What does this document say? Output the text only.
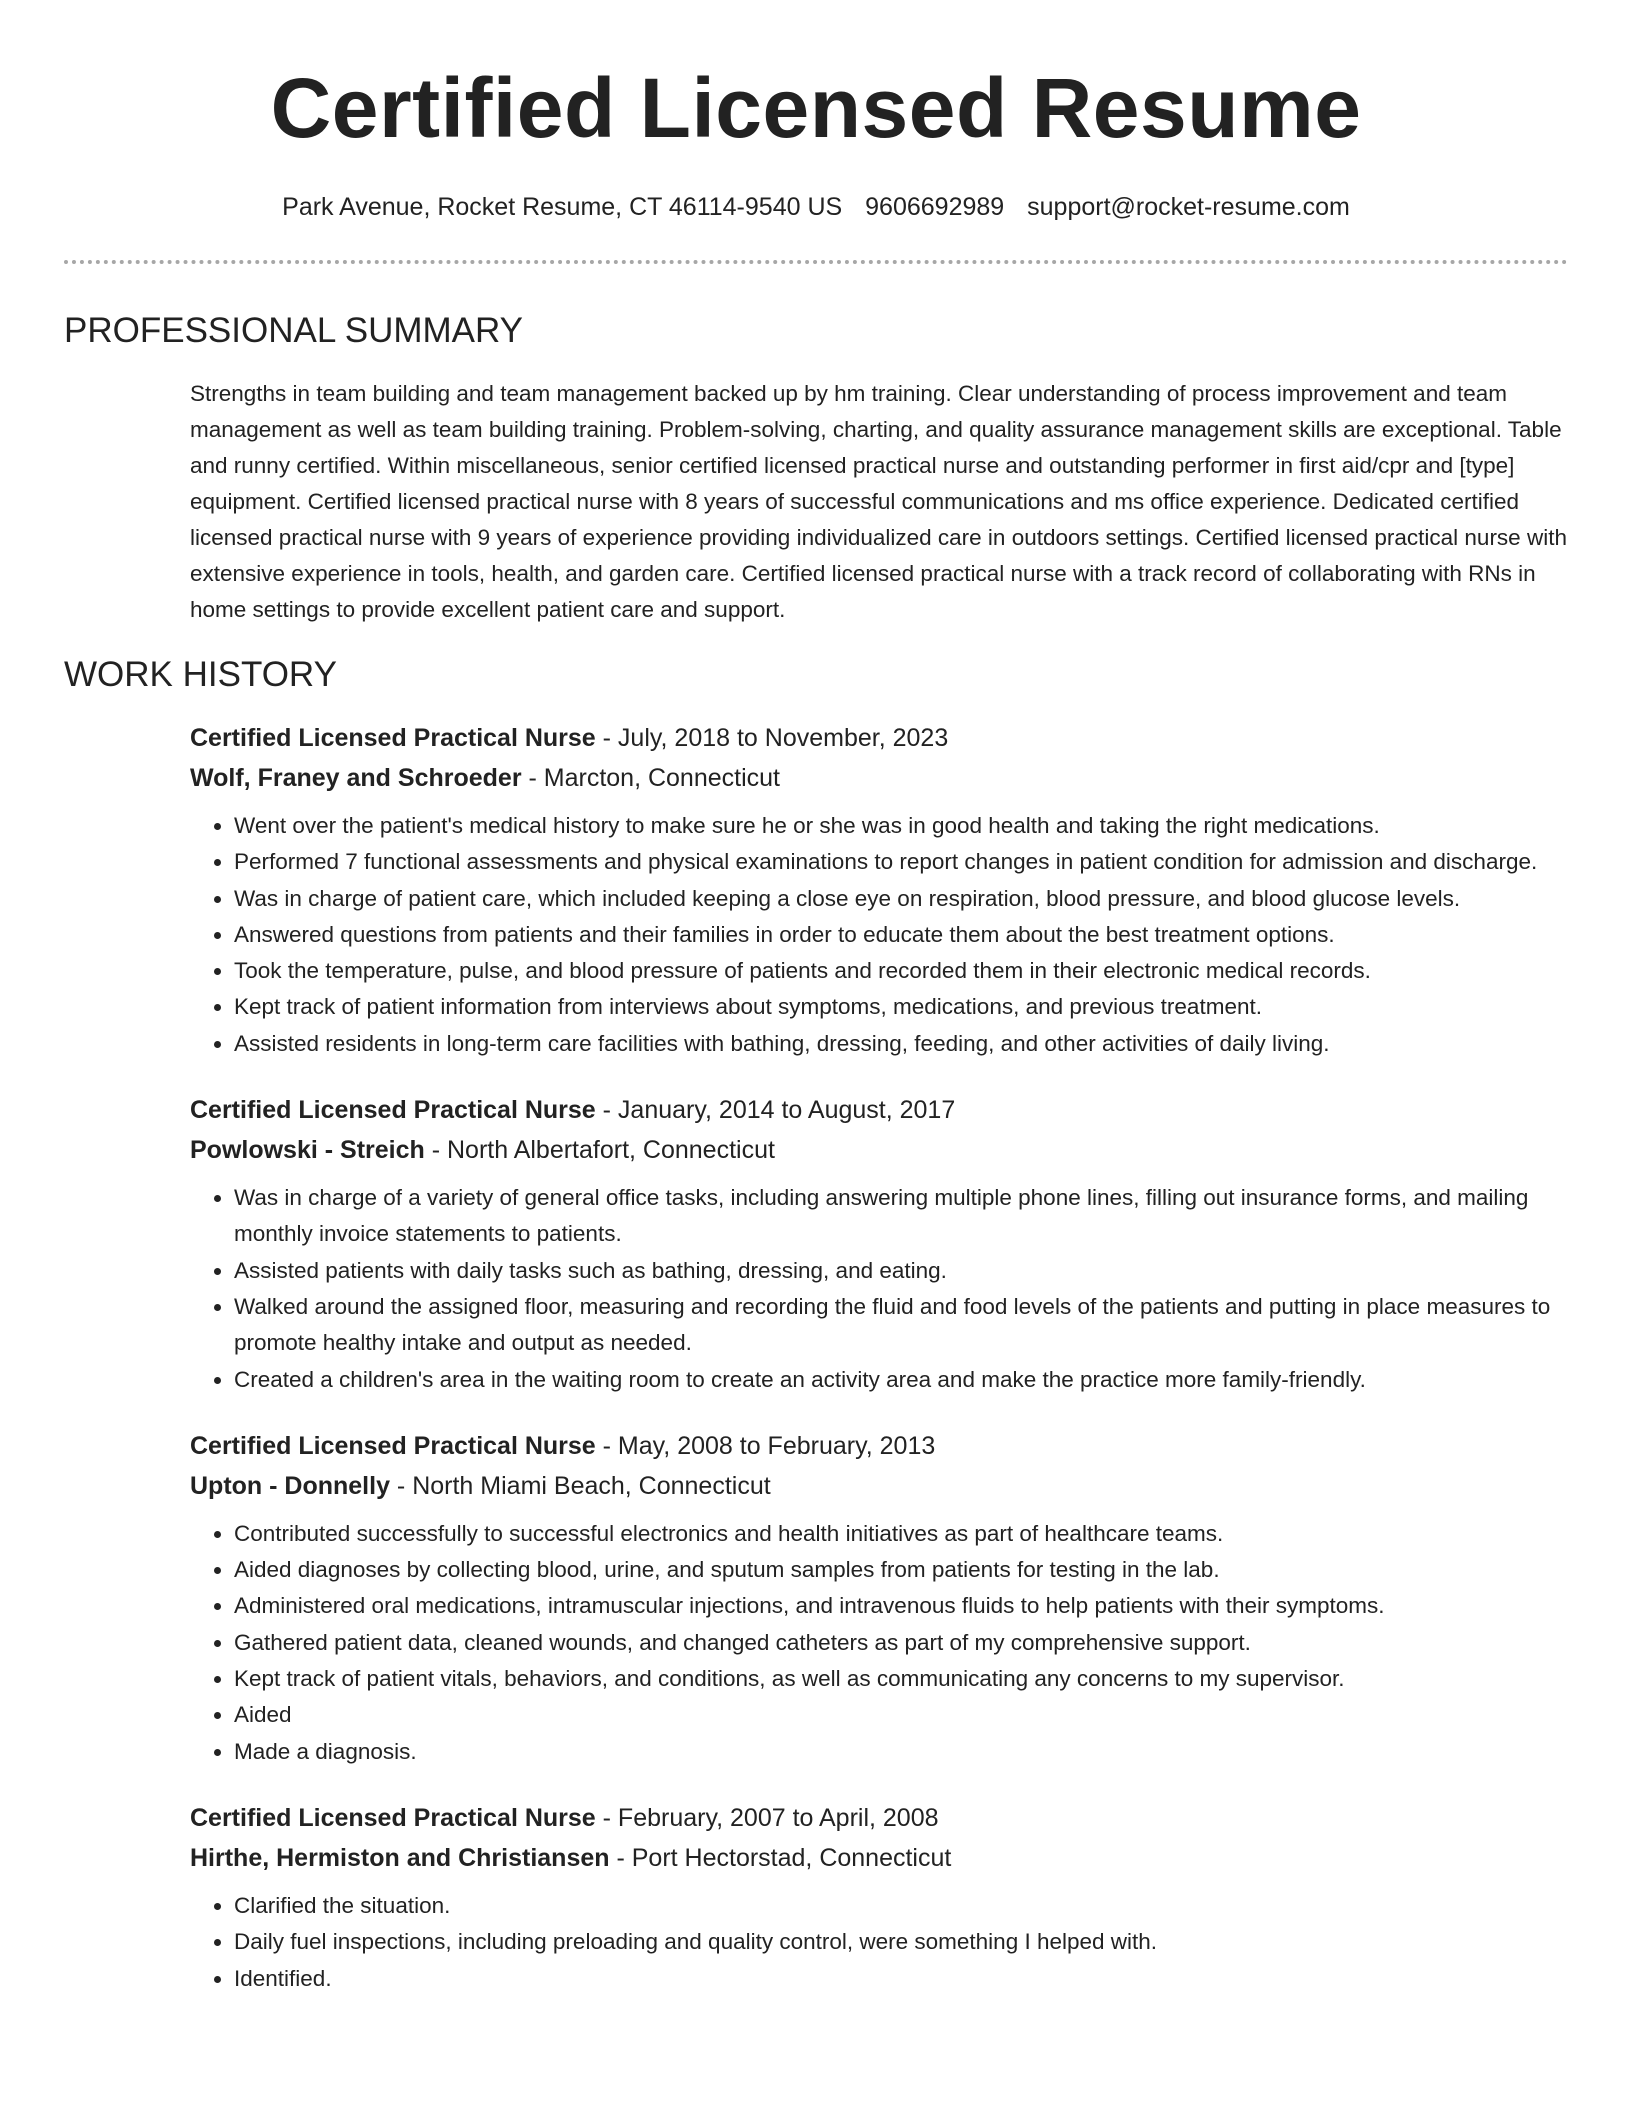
Certified Licensed Resume
Park Avenue, Rocket Resume, CT 46114-9540 US 9606692989 support@rocket-resume.com
PROFESSIONAL SUMMARY

Strengths in team building and team management backed up by hm training. Clear understanding of process improvement and team management as well as team building training. Problem-solving, charting, and quality assurance management skills are exceptional. Table and runny certified. Within miscellaneous, senior certified licensed practical nurse and outstanding performer in first aid/cpr and [type] equipment. Certified licensed practical nurse with 8 years of successful communications and ms office experience. Dedicated certified licensed practical nurse with 9 years of experience providing individualized care in outdoors settings. Certified licensed practical nurse with extensive experience in tools, health, and garden care. Certified licensed practical nurse with a track record of collaborating with RNs in home settings to provide excellent patient care and support.

WORK HISTORY
Certified Licensed Practical Nurse - July, 2018 to November, 2023
Wolf, Franey and Schroeder - Marcton, Connecticut
• Went over the patient's medical history to make sure he or she was in good health and taking the right medications.
• Performed 7 functional assessments and physical examinations to report changes in patient condition for admission and discharge.
• Was in charge of patient care, which included keeping a close eye on respiration, blood pressure, and blood glucose levels.
• Answered questions from patients and their families in order to educate them about the best treatment options.
• Took the temperature, pulse, and blood pressure of patients and recorded them in their electronic medical records.
• Kept track of patient information from interviews about symptoms, medications, and previous treatment.
• Assisted residents in long-term care facilities with bathing, dressing, feeding, and other activities of daily living.
Certified Licensed Practical Nurse - January, 2014 to August, 2017
Powlowski - Streich - North Albertafort, Connecticut
• Was in charge of a variety of general office tasks, including answering multiple phone lines, filling out insurance forms, and mailing monthly invoice statements to patients.
• Assisted patients with daily tasks such as bathing, dressing, and eating.
• Walked around the assigned floor, measuring and recording the fluid and food levels of the patients and putting in place measures to promote healthy intake and output as needed.
• Created a children's area in the waiting room to create an activity area and make the practice more family-friendly.
Certified Licensed Practical Nurse - May, 2008 to February, 2013
Upton - Donnelly - North Miami Beach, Connecticut
• Contributed successfully to successful electronics and health initiatives as part of healthcare teams.
• Aided diagnoses by collecting blood, urine, and sputum samples from patients for testing in the lab.
• Administered oral medications, intramuscular injections, and intravenous fluids to help patients with their symptoms.
• Gathered patient data, cleaned wounds, and changed catheters as part of my comprehensive support.
• Kept track of patient vitals, behaviors, and conditions, as well as communicating any concerns to my supervisor.
• Aided
• Made a diagnosis.
Certified Licensed Practical Nurse - February, 2007 to April, 2008
Hirthe, Hermiston and Christiansen - Port Hectorstad, Connecticut
• Clarified the situation.
• Daily fuel inspections, including preloading and quality control, were something I helped with.
• Identified.
